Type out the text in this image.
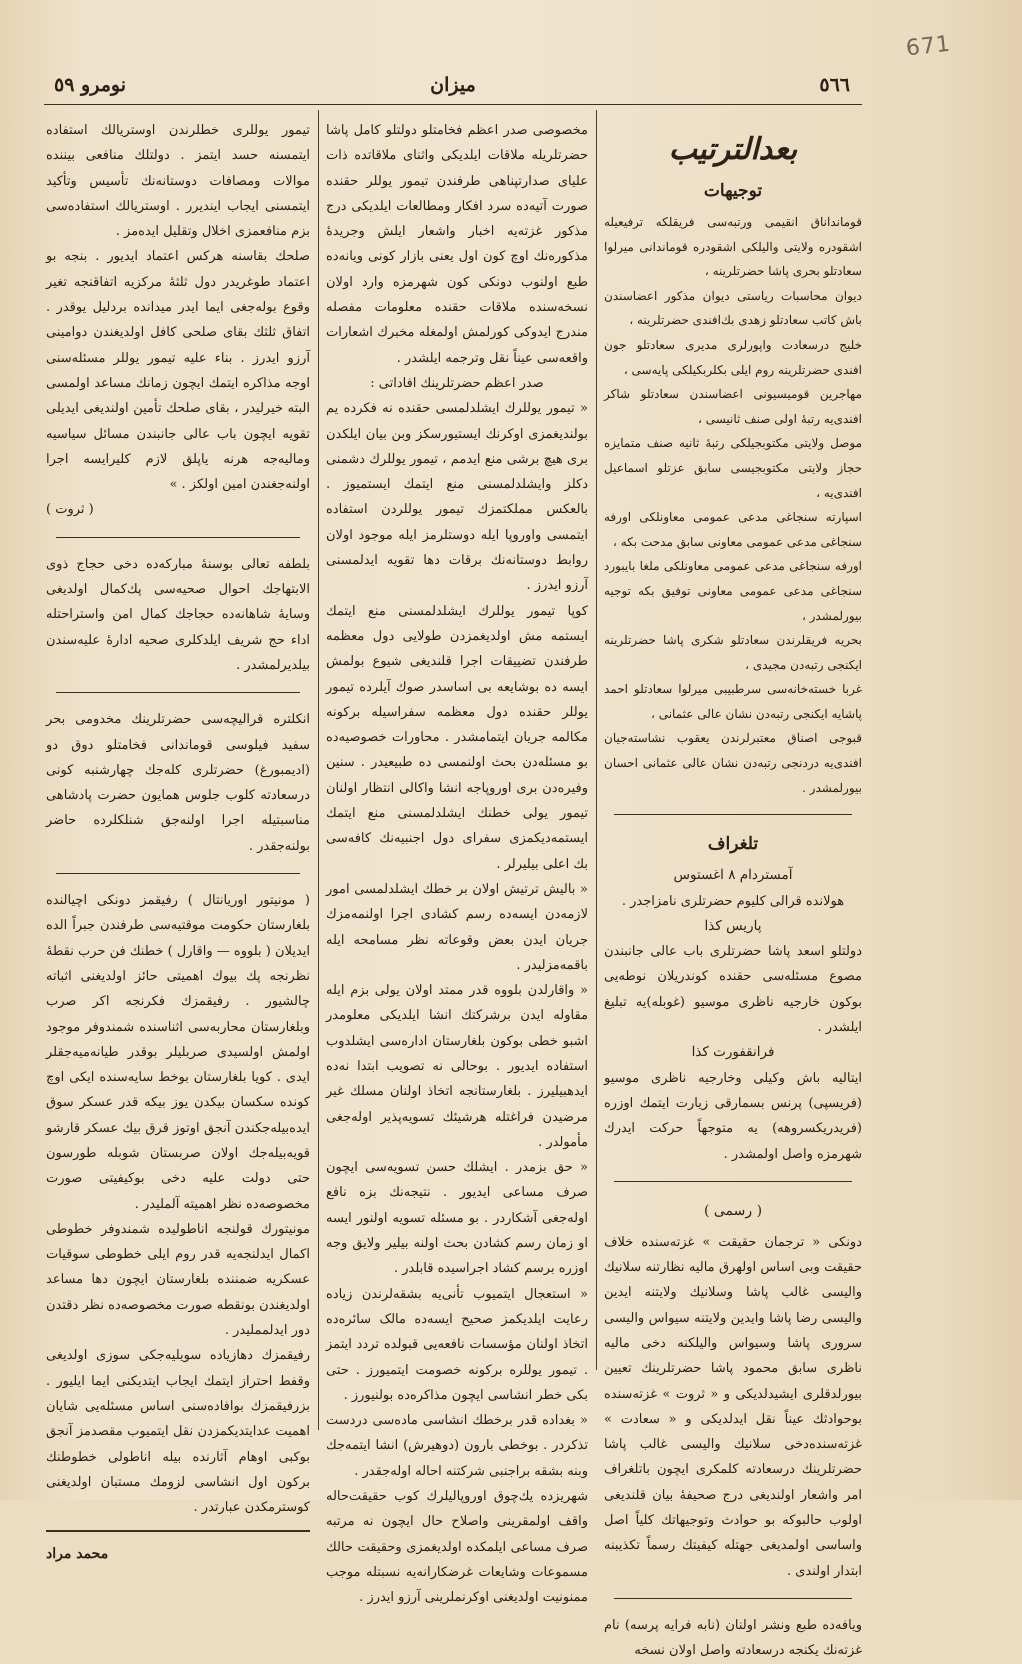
671
نومرو ٥٩	میزان	٥٦٦
بعدالترتیب
توجیهات

قومانداناق انقیمی ورتبه‌سی فریقلکه ترفیعیله اشقودره ولایتی والیلکی اشقودره قوماندانی میرلوا سعادتلو بحری پاشا حضرتلرینه ،

دیوان محاسبات ریاستی دیوان مذکور اعضاسندن باش کاتب سعادتلو زهدی بك‌افندی حضرتلرینه ،

خلیج درسعادت واپورلری مدیری سعادتلو جون افندی حضرتلرینه روم ایلی بکلربکیلکی پایه‌سی ،

مهاجرین قومیسیونی اعضاسندن سعادتلو شاکر افندی‌یه رتبهٔ اولی صنف ثانیسی ،

موصل ولایتی مکتوبجیلکی رتبهٔ ثانیه صنف متمایزه حجاز ولایتی مکتوبجیسی سابق عزتلو اسماعیل افندی‌یه ،

اسپارته سنجاغی مدعی عمومی معاونلکی اورفه سنجاغی مدعی عمومی معاونی سابق مدحت بکه ،

اورفه سنجاغی مدعی عمومی معاونلکی ملغا بایبورد سنجاغی مدعی عمومی معاونی توفیق بکه توجیه بیورلمشدر ،

بحریه فریقلرندن سعادتلو شکری پاشا حضرتلرینه ایکنجی رتبه‌دن مجیدی ،

غربا خسته‌خانه‌سی سرطبیبی میرلوا سعادتلو احمد پاشایه ایکنجی رتبه‌دن نشان عالی عثمانی ،

قبوجی اصناق معتبرلرندن یعقوب نشاسته‌جیان افندی‌یه دردنجی رتبه‌دن نشان عالی عثمانی احسان بیورلمشدر .

تلغراف

آمستردام ۸ اغستوس

هولانده قرالی کلیوم حضرتلری نامزاجدر .

پاریس کذا

دولتلو اسعد پاشا حضرتلری باب عالی جانبندن مصوع مسئله‌سی حقنده کوندریلان نوطه‌یی بوکون خارجیه ناظری موسیو (غوبله)یه تبلیغ ایلشدر .

فرانقفورت کذا

ایتالیه باش وکیلی وخارجیه ناظری موسیو (فریسپی) پرنس بسمارقی زیارت ایتمك اوزره (فریدریکسروهه) یه متوجهاً حرکت ایدرك شهرمزه واصل اولمشدر .

( رسمی )

دونکی « ترجمان حقیقت » غزته‌سنده خلاف حقیقت وبی اساس اولهرق مالیه نظارتنه سلانیك والیسی غالب پاشا وسلانیك ولایتنه ایدین والیسی رضا پاشا وایدین ولایتنه سیواس والیسی سروری پاشا وسیواس والیلکنه دخی مالیه ناظری سابق محمود پاشا حضرتلرینك تعیین بیورلدقلری ایشیدلدیکی و « ثروت » غزته‌سنده بوحوادثك عیناً نقل ایدلدیکی و « سعادت » غزته‌سنده‌دخی سلانیك والیسی غالب پاشا حضرتلرینك درسعادته کلمکری ایچون باتلغراف امر واشعار اولندیغی درج صحیفهٔ بیان قلندیغی اولوب حالبوکه بو حوادث وتوجیهاتك کلیاً اصل واساسی اولمدیغی جهتله کیفیتك رسماً تکذیبنه ابتدار اولندی .

ویافه‌ده طبع ونشر اولنان (نابه فرایه پرسه) نام غزته‌نك یکنجه درسعادته واصل اولان نسخه

مخصوصی صدر اعظم فخامتلو دولتلو کامل پاشا حضرتلریله ملاقات ایلدیکی واثنای ملاقاتده ذات علیای صدارتپناهی طرفندن تیمور یوللر حقنده صورت آتیه‌ده سرد افکار ومطالعات ایلدیکی درج مذکور غزته‌یه اخبار واشعار ایلش وجریدهٔ مذکوره‌نك اوچ کون اول یعنی بازار کونی ویانه‌ده طبع اولنوب دونکی کون شهرمزه وارد اولان نسخه‌سنده ملاقات حقنده معلومات مفصله مندرج ایدوکی کورلمش اولمغله مخبرك اشعارات واقعه‌سی عیناً نقل وترجمه ایلشدر .

صدر اعظم حضرتلرینك افاداتی :

« تیمور یوللرك ایشلدلمسی حقنده نه فکرده یم بولندیغمزی اوکرنك ایستیورسکز وبن بیان ایلکدن بری هیچ برشی منع ایدمم ، تیمور یوللرك دشمنی دکلز وایشلدلمسنی منع ایتمك ایستمیوز . بالعکس مملکتمزك تیمور یوللردن استفاده ایتمسی واوروپا ایله دوستلرمز ایله موجود اولان روابط دوستانه‌نك برقات دها تقویه ایدلمسنی آرزو ایدرز .

کوپا تیمور یوللرك ایشلدلمسنی منع ایتمك ایستمه مش اولدیغمزدن طولایی دول معظمه طرفندن تضییقات اجرا قلندیغی شیوع بولمش ایسه ده بوشایعه بی اساسدر صوك آیلرده تیمور یوللر حقنده دول معظمه سفراسیله برکونه مکالمه جریان ایتمامشدر . محاورات خصوصیه‌ده بو مسئله‌دن بحث اولنمسی ده طبیعیدر . سنین وفیره‌دن بری اوروپاجه انشا واکالی انتظار اولنان تیمور یولی خطنك ایشلدلمسنی منع ایتمك ایستمه‌دیکمزی سفرای دول اجنبیه‌نك کافه‌سی بك اعلی بیلیرلر .

« بالیش ترتیش اولان بر خطك ایشلدلمسی امور لازمه‌دن ایسه‌ده رسم کشادی اجرا اولنمه‌مزك جریان ایدن بعض وقوعاته نظر مسامحه ایله باقمه‌مزلیدر .

« واقارلدن بلووه قدر ممتد اولان یولی بزم ایله مقاوله ایدن برشرکتك انشا ایلدیکی معلومدر اشبو خطی بوکون بلغارستان اداره‌سی ایشلدوب استفاده ایدیور . بوحالی نه تصویب ابتدا نه‌ده ایدهبیلیرز . بلغارستانجه اتخاذ اولنان مسلك غیر مرضیدن فراغتله هرشیئك تسویه‌پذیر اوله‌جغی مأمولدر .

« حق بزمدر . ایشلك حسن تسویه‌سی ایچون صرف مساعی ایدیور . نتیجه‌نك بزه نافع اوله‌جغی آشکاردر . بو مسئله تسویه اولنور ایسه او زمان رسم کشادن بحث اولنه بیلیر ولایق وجه اوزره برسم کشاد اجراسیده قابلدر .

« استعجال ایتمیوب تأنی‌یه بشقه‌لرندن زیاده رعایت ایلدیکمز صحیح ایسه‌ده مالک سائره‌ده اتخاذ اولنان مؤسسات نافعه‌یی قبولده تردد ایتمز . تیمور یوللره برکونه خصومت ایتمیورز . حتی بکی خطر انشاسی ایچون مذاکره‌ده بولنیورز .

« بغداده قدر برخطك انشاسی ماده‌سی دردست تذکردر . بوخطی بارون (دوهیرش) انشا ایتمه‌جك وبنه بشقه براجنبی شرکتنه احاله اوله‌جقدر .

شهریزده یك‌چوق اوروپالیلرك کوب حقیقت‌حاله واقف اولمقرینی واصلاح حال ایچون نه مرتبه صرف مساعی ایلمکده اولدیغمزی وحقیقت حالك مسموعات وشایعات غرضکارانه‌یه نسبتله موجب ممنونیت اولدیغنی اوکرنملرینی آرزو ایدرز .

تیمور یوللری خطلرندن اوستریالك استفاده ایتمسنه حسد ایتمز . دولتلك منافعی بیننده موالات ومصافات دوستانه‌نك تأسیس وتأکید ایتمسنی ایجاب ایندیرر . اوستریالك استفاده‌سی بزم منافعمزی اخلال وتقلیل ایده‌مز .

صلحك بقاسنه هرکس اعتماد ایدیور . بنجه بو اعتماد طوغریدر دول ثلثهٔ مرکزیه اتفاقنجه تغیر وقوع بوله‌جغی ایما ایدر میدانده بردلیل یوقدر . اتفاق ثلثك بقای صلحی کافل اولدیغندن دوامینی آرزو ایدرز . بناء علیه تیمور یوللر مسئله‌سنی اوجه مذاکره ایتمك ایچون زمانك مساعد اولمسی البته خیرلیدر ، بقای صلحك تأمین اولندیغی ایدیلی تقویه ایچون باب عالی جانبندن مسائل سیاسیه ومالیه‌جه هرنه یاپلق لازم کلیرایسه اجرا اولنه‌جغندن امین اولکز . »

( ثروت )

بلطفه تعالی بوسنهٔ مبارکه‌ده دخی حجاج ذوی الابتهاجك احوال صحیه‌سی پك‌کمال اولدیغی وسایهٔ شاهانه‌ده حجاجك کمال امن واستراحتله اداء حج شریف ایلدکلری صحیه ادارهٔ علیه‌سندن بیلدیرلمشدر .

انکلتره قرالیچه‌سی حضرتلرینك مخدومی بحر سفید فیلوسی قوماندانی فخامتلو دوق دو (ادیمبورغ) حضرتلری کله‌جك چهارشنبه کونی درسعادته کلوب جلوس همایون حضرت پادشاهی مناسبتیله اجرا اولنه‌جق شنلکلرده حاضر بولنه‌جقدر .

( مونیتور اوریانتال ) رفیقمز دونکی اچیالنده بلغارستان حکومت موقتیه‌سی طرفندن جبراً الده ایدیلان ( بلووه — واقارل ) خطنك فن حرب نقطهٔ نظرنجه پك بیوك اهمیتی حائز اولدیغنی اثباته چالشیور . رفیقمزك فکرنجه اکر صرب وبلغارستان محاربه‌سی اثناسنده شمندوفر موجود اولمش اولسیدی صربلیلر بوقدر طیانه‌میه‌جقلر ایدی . کویا بلغارستان بوخط سایه‌سنده ایکی اوچ کونده سکسان بیکدن یوز بیکه قدر عسکر سوق ایده‌بیله‌جکندن آنجق اوتوز قرق بیك عسکر قارشو قویه‌بیله‌جك اولان صربستان شوبله طورسون حتی دولت علیه دخی بوکیفیتی صورت مخصوصه‌ده نظر اهمیته آلملیدر .

مونیتورك قولنجه اناطولیده شمندوفر خطوطی اکمال ایدلنجه‌یه قدر روم ایلی خطوطی سوقیات عسکریه ضمننده بلغارستان ایچون دها مساعد اولدیغندن بونقطه صورت مخصوصه‌ده نظر دقتدن دور ایدلمملیدر .

رفیقمزك دهازیاده سویلیه‌جکی سوزی اولدیغی وقفط احتراز ایتمك ایجاب ایتدیکنی ایما ایلیور . بزرفیقمزك بوافاده‌سنی اساس مسئله‌یی شایان اهمیت عدایتدیکمزدن نقل ایتمیوب مقصدمز آنجق بوکبی اوهام آثارنده بیله اناطولی خطوطنك برکون اول انشاسی لزومك مستبان اولدیغنی کوسترمکدن عبارتدر .

محمد مراد
